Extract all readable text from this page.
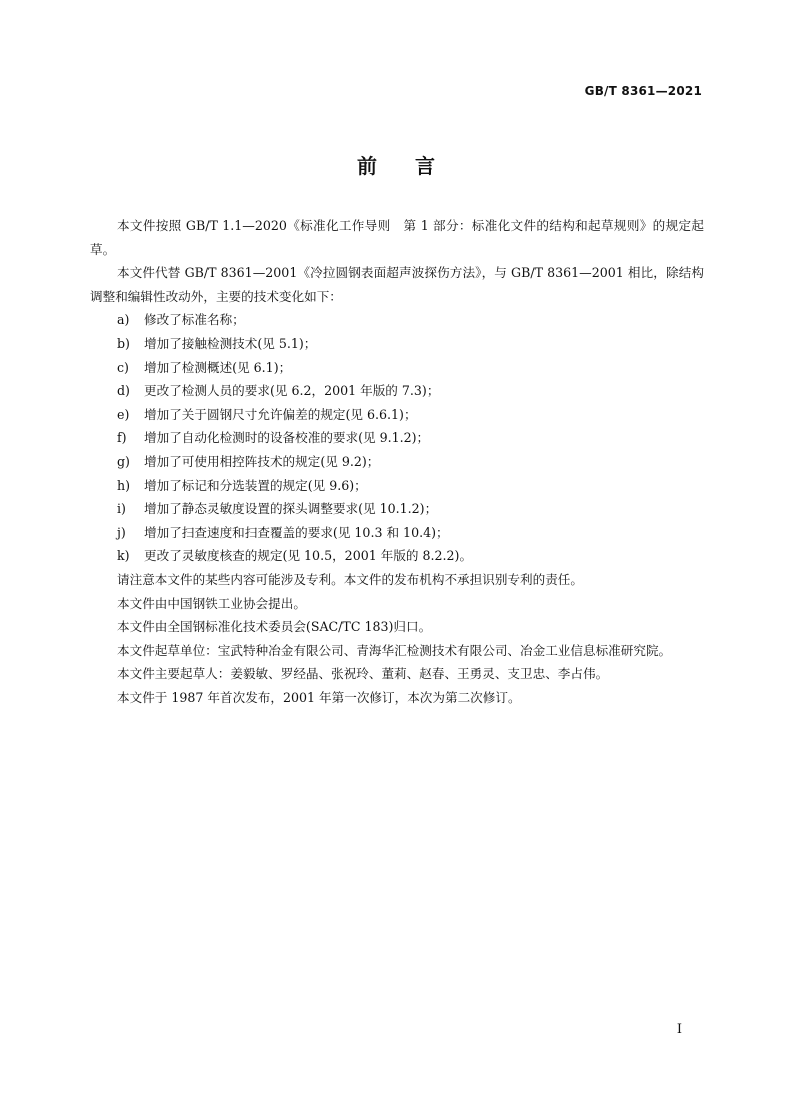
GB/T 8361—2021
前言

本文件按照 GB/T 1.1—2020《标准化工作导则　第 1 部分：标准化文件的结构和起草规则》的规定起草。

本文件代替 GB/T 8361—2001《冷拉圆钢表面超声波探伤方法》，与 GB/T 8361—2001 相比，除结构调整和编辑性改动外，主要的技术变化如下：

a)	修改了标准名称；
b)	增加了接触检测技术(见 5.1)；
c)	增加了检测概述(见 6.1)；
d)	更改了检测人员的要求(见 6.2，2001 年版的 7.3)；
e)	增加了关于圆钢尺寸允许偏差的规定(见 6.6.1)；
f)	增加了自动化检测时的设备校准的要求(见 9.1.2)；
g)	增加了可使用相控阵技术的规定(见 9.2)；
h)	增加了标记和分选装置的规定(见 9.6)；
i)	增加了静态灵敏度设置的探头调整要求(见 10.1.2)；
j)	增加了扫查速度和扫查覆盖的要求(见 10.3 和 10.4)；
k)	更改了灵敏度核查的规定(见 10.5，2001 年版的 8.2.2)。

请注意本文件的某些内容可能涉及专利。本文件的发布机构不承担识别专利的责任。

本文件由中国钢铁工业协会提出。

本文件由全国钢标准化技术委员会(SAC/TC 183)归口。

本文件起草单位：宝武特种冶金有限公司、青海华汇检测技术有限公司、冶金工业信息标准研究院。

本文件主要起草人：姜毅敏、罗经晶、张祝玲、董莉、赵春、王勇灵、支卫忠、李占伟。

本文件于 1987 年首次发布，2001 年第一次修订，本次为第二次修订。

I
